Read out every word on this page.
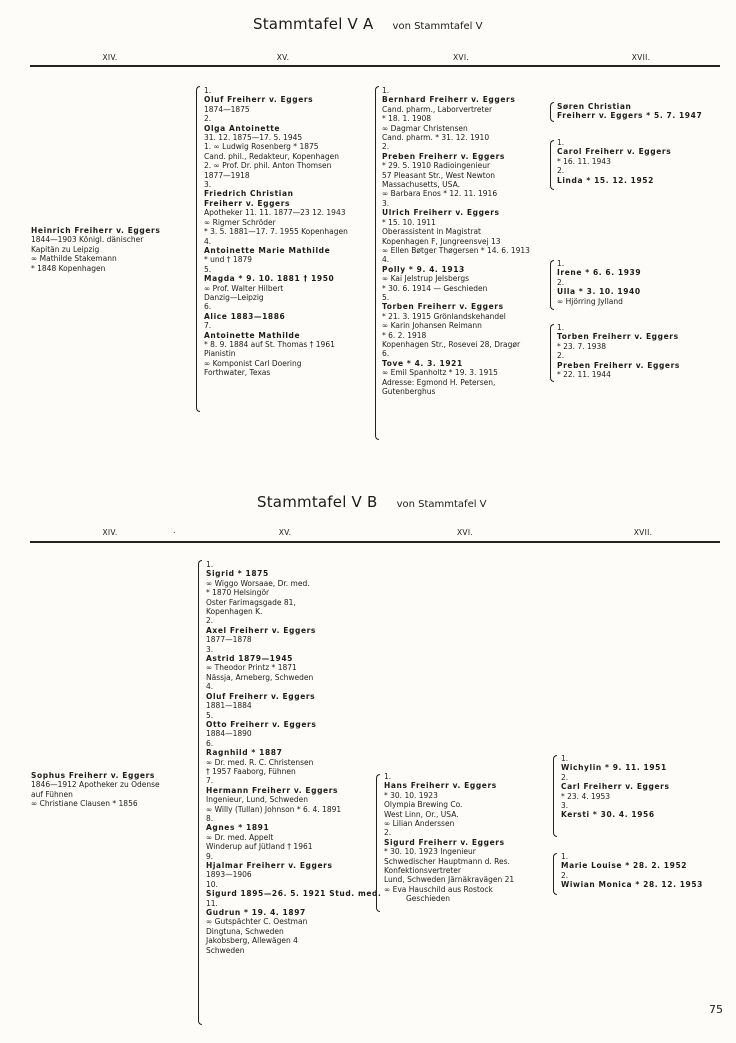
Stammtafel V A von Stammtafel V
XIV.	XV.	XVI.	XVII.
Heinrich Freiherr v. Eggers
1844—1903 Königl. dänischer
Kapitän zu Leipzig
∞ Mathilde Stakemann
* 1848 Kopenhagen
1.
Oluf Freiherr v. Eggers
1874—1875
2.
Olga Antoinette
31. 12. 1875—17. 5. 1945
1. ∞ Ludwig Rosenberg * 1875
Cand. phil., Redakteur, Kopenhagen
2. ∞ Prof. Dr. phil. Anton Thomsen
1877—1918
3.
Friedrich Christian
Freiherr v. Eggers
Apotheker 11. 11. 1877—23 12. 1943
∞ Rigmer Schröder
* 3. 5. 1881—17. 7. 1955 Kopenhagen
4.
Antoinette Marie Mathilde
* und † 1879
5.
Magda * 9. 10. 1881 † 1950
∞ Prof. Walter Hilbert
Danzig—Leipzig
6.
Alice 1883—1886
7.
Antoinette Mathilde
* 8. 9. 1884 auf St. Thomas † 1961
Pianistin
∞ Komponist Carl Doering
Forthwater, Texas
1.
Bernhard Freiherr v. Eggers
Cand. pharm., Laborvertreter
* 18. 1. 1908
∞ Dagmar Christensen
Cand. pharm. * 31. 12. 1910
2.
Preben Freiherr v. Eggers
* 29. 5. 1910 Radioingenieur
57 Pleasant Str., West Newton
Massachusetts, USA.
∞ Barbara Enos * 12. 11. 1916
3.
Ulrich Freiherr v. Eggers
* 15. 10. 1911
Oberassistent in Magistrat
Kopenhagen F, Jungreensvej 13
∞ Ellen Bøtger Thøgersen * 14. 6. 1913
4.
Polly * 9. 4. 1913
∞ Kai Jelstrup Jelsbergs
* 30. 6. 1914 — Geschieden
5.
Torben Freiherr v. Eggers
* 21. 3. 1915 Grönlandskehandel
∞ Karin Johansen Reimann
* 6. 2. 1918
Kopenhagen Str., Rosevei 28, Dragør
6.
Tove * 4. 3. 1921
∞ Emil Spanholtz * 19. 3. 1915
Adresse: Egmond H. Petersen,
Gutenberghus
Søren Christian
Freiherr v. Eggers * 5. 7. 1947
1.
Carol Freiherr v. Eggers
* 16. 11. 1943
2.
Linda * 15. 12. 1952
1.
Irene * 6. 6. 1939
2.
Ulla * 3. 10. 1940
∞ Hjörring Jylland
1.
Torben Freiherr v. Eggers
* 23. 7. 1938
2.
Preben Freiherr v. Eggers
* 22. 11. 1944
Stammtafel V B von Stammtafel V
XIV.	.	XV.	XVI.	XVII.
Sophus Freiherr v. Eggers
1846—1912 Apotheker zu Odense
auf Fühnen
∞ Christiane Clausen * 1856
1.
Sigrid * 1875
∞ Wiggo Worsaae, Dr. med.
* 1870 Helsingör
Oster Farimagsgade 81,
Kopenhagen K.
2.
Axel Freiherr v. Eggers
1877—1878
3.
Astrid 1879—1945
∞ Theodor Printz * 1871
Nässja, Arneberg, Schweden
4.
Oluf Freiherr v. Eggers
1881—1884
5.
Otto Freiherr v. Eggers
1884—1890
6.
Ragnhild * 1887
∞ Dr. med. R. C. Christensen
† 1957 Faaborg, Fühnen
7.
Hermann Freiherr v. Eggers
Ingenieur, Lund, Schweden
∞ Willy (Tullan) Johnson * 6. 4. 1891
8.
Agnes * 1891
∞ Dr. med. Appelt
Winderup auf Jütland † 1961
9.
Hjalmar Freiherr v. Eggers
1893—1906
10.
Sigurd 1895—26. 5. 1921 Stud. med.
11.
Gudrun * 19. 4. 1897
∞ Gutspächter C. Oestman
Dingtuna, Schweden
Jakobsberg, Allewägen 4
Schweden
1.
Hans Freiherr v. Eggers
* 30. 10. 1923
Olympia Brewing Co.
West Linn, Or., USA.
∞ Lilian Anderssen
2.
Sigurd Freiherr v. Eggers
* 30. 10. 1923 Ingenieur
Schwedischer Hauptmann d. Res.
Konfektionsvertreter
Lund, Schweden Järnäkravägen 21
∞ Eva Hauschild aus Rostock
Geschieden
1.
Wichylin * 9. 11. 1951
2.
Carl Freiherr v. Eggers
* 23. 4. 1953
3.
Kersti * 30. 4. 1956
1.
Marie Louise * 28. 2. 1952
2.
Wiwian Monica * 28. 12. 1953
75
